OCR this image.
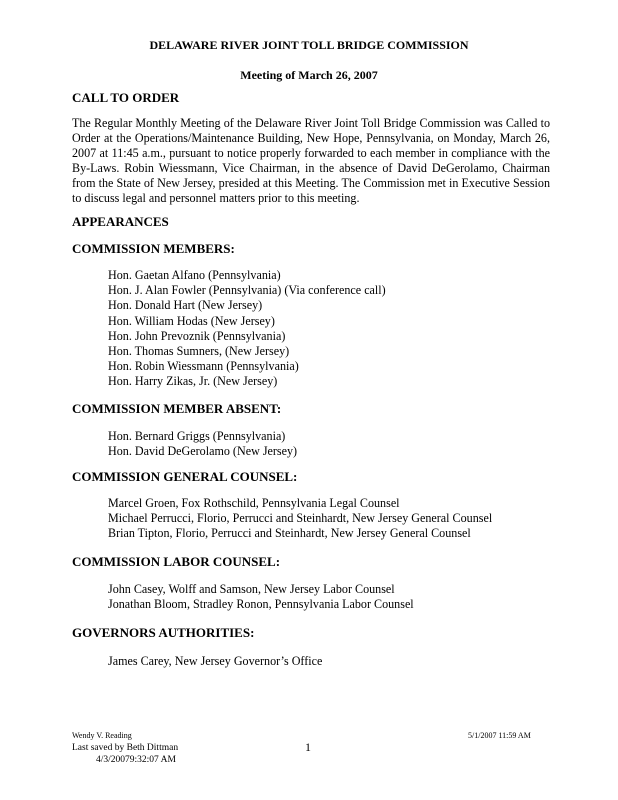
DELAWARE RIVER JOINT TOLL BRIDGE COMMISSION
Meeting of March 26, 2007
CALL TO ORDER
The Regular Monthly Meeting of the Delaware River Joint Toll Bridge Commission was Called to Order at the Operations/Maintenance Building, New Hope, Pennsylvania, on Monday, March 26, 2007 at 11:45 a.m., pursuant to notice properly forwarded to each member in compliance with the By-Laws. Robin Wiessmann, Vice Chairman, in the absence of David DeGerolamo, Chairman from the State of New Jersey, presided at this Meeting. The Commission met in Executive Session to discuss legal and personnel matters prior to this meeting.
APPEARANCES
COMMISSION MEMBERS:
Hon. Gaetan Alfano (Pennsylvania)
Hon. J. Alan Fowler (Pennsylvania) (Via conference call)
Hon. Donald Hart (New Jersey)
Hon. William Hodas (New Jersey)
Hon. John Prevoznik (Pennsylvania)
Hon. Thomas Sumners, (New Jersey)
Hon. Robin Wiessmann (Pennsylvania)
Hon. Harry Zikas, Jr. (New Jersey)
COMMISSION MEMBER ABSENT:
Hon. Bernard Griggs (Pennsylvania)
Hon. David DeGerolamo (New Jersey)
COMMISSION GENERAL COUNSEL:
Marcel Groen, Fox Rothschild, Pennsylvania Legal Counsel
Michael Perrucci, Florio, Perrucci and Steinhardt, New Jersey General Counsel
Brian Tipton, Florio, Perrucci and Steinhardt, New Jersey General Counsel
COMMISSION LABOR COUNSEL:
John Casey, Wolff and Samson, New Jersey Labor Counsel
Jonathan Bloom, Stradley Ronon, Pennsylvania Labor Counsel
GOVERNORS AUTHORITIES:
James Carey, New Jersey Governor’s Office
Wendy V. Reading	5/1/2007 11:59 AM
Last saved by Beth Dittman
4/3/20079:32:07 AM
1
